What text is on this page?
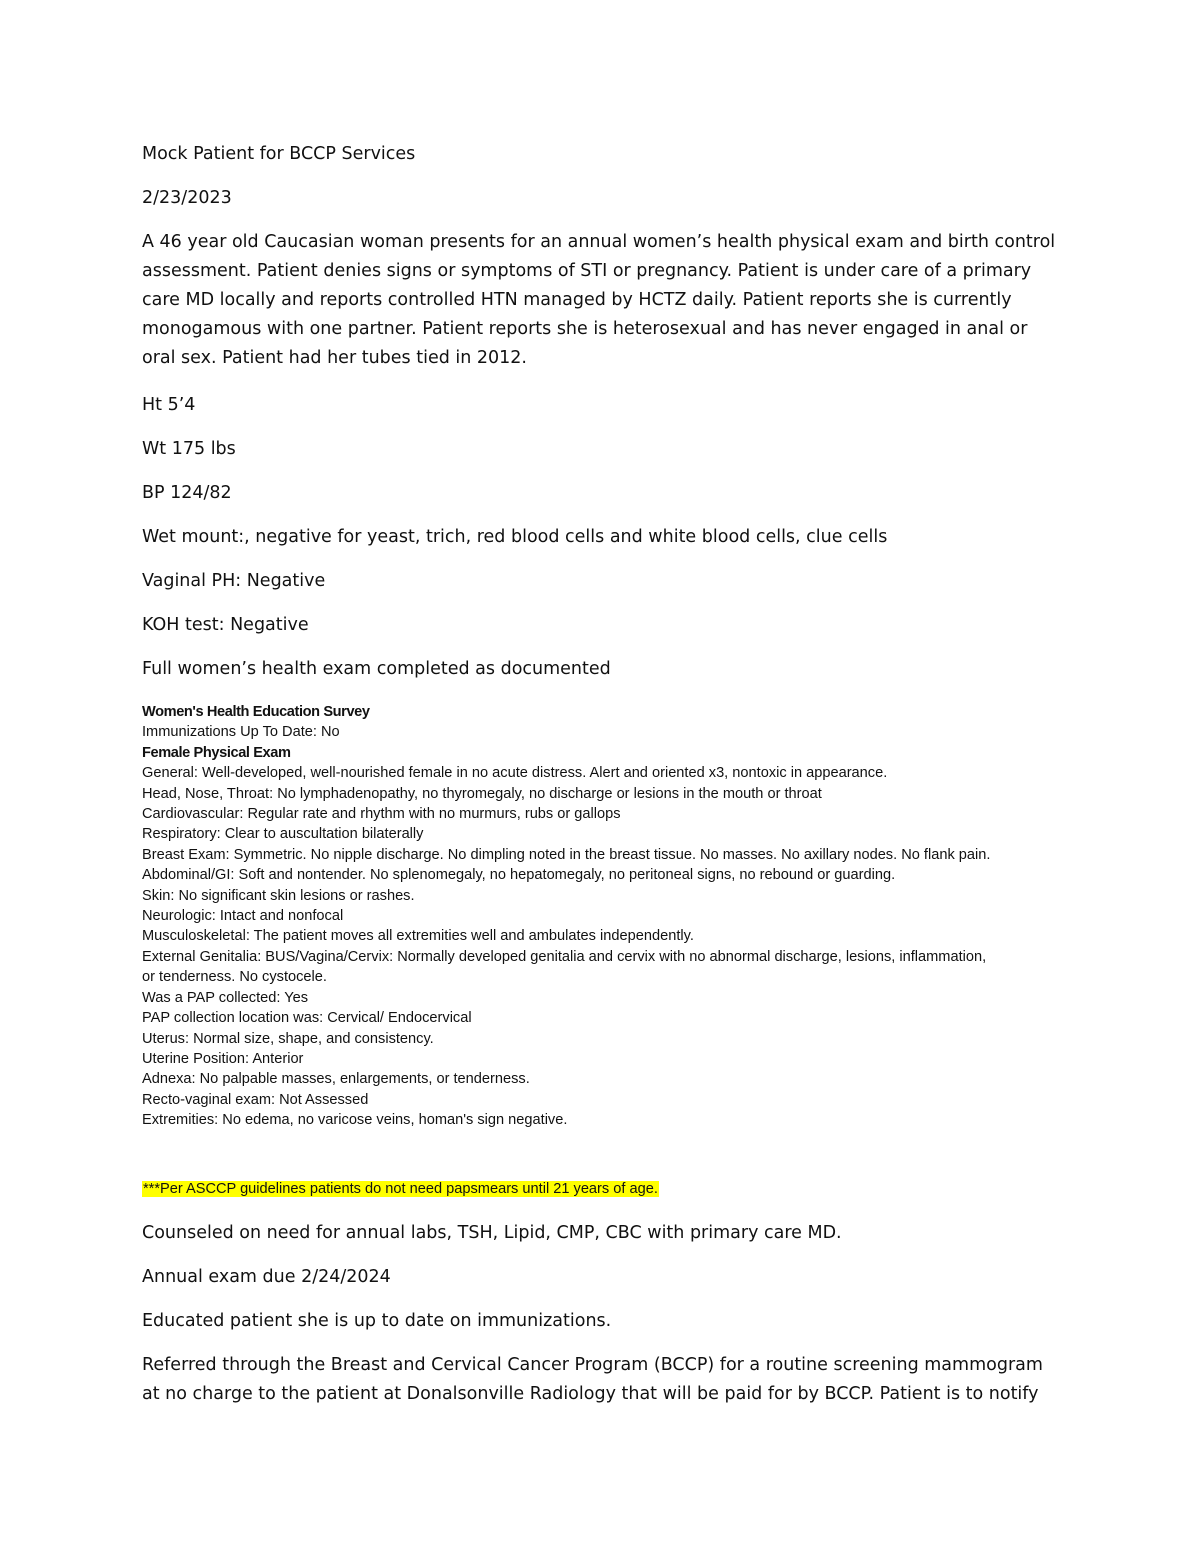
Mock Patient for BCCP Services

2/23/2023

A 46 year old Caucasian woman presents for an annual women’s health physical exam and birth control assessment. Patient denies signs or symptoms of STI or pregnancy. Patient is under care of a primary care MD locally and reports controlled HTN managed by HCTZ daily. Patient reports she is currently monogamous with one partner. Patient reports she is heterosexual and has never engaged in anal or oral sex. Patient had her tubes tied in 2012.

Ht 5’4

Wt 175 lbs

BP 124/82

Wet mount:, negative for yeast, trich, red blood cells and white blood cells, clue cells

Vaginal PH: Negative

KOH test: Negative

Full women’s health exam completed as documented

Women's Health Education Survey

Immunizations Up To Date: No

Female Physical Exam

General: Well-developed, well-nourished female in no acute distress. Alert and oriented x3, nontoxic in appearance.

Head, Nose, Throat: No lymphadenopathy, no thyromegaly, no discharge or lesions in the mouth or throat

Cardiovascular: Regular rate and rhythm with no murmurs, rubs or gallops

Respiratory: Clear to auscultation bilaterally

Breast Exam: Symmetric. No nipple discharge. No dimpling noted in the breast tissue. No masses. No axillary nodes. No flank pain.

Abdominal/GI: Soft and nontender. No splenomegaly, no hepatomegaly, no peritoneal signs, no rebound or guarding.

Skin: No significant skin lesions or rashes.

Neurologic: Intact and nonfocal

Musculoskeletal: The patient moves all extremities well and ambulates independently.

External Genitalia: BUS/Vagina/Cervix: Normally developed genitalia and cervix with no abnormal discharge, lesions, inflammation,

or tenderness. No cystocele.

Was a PAP collected: Yes

PAP collection location was: Cervical/ Endocervical

Uterus: Normal size, shape, and consistency.

Uterine Position: Anterior

Adnexa: No palpable masses, enlargements, or tenderness.

Recto-vaginal exam: Not Assessed

Extremities: No edema, no varicose veins, homan's sign negative.

***Per ASCCP guidelines patients do not need papsmears until 21 years of age.

Counseled on need for annual labs, TSH, Lipid, CMP, CBC with primary care MD.

Annual exam due 2/24/2024

Educated patient she is up to date on immunizations.

Referred through the Breast and Cervical Cancer Program (BCCP) for a routine screening mammogram at no charge to the patient at Donalsonville Radiology that will be paid for by BCCP. Patient is to notify
